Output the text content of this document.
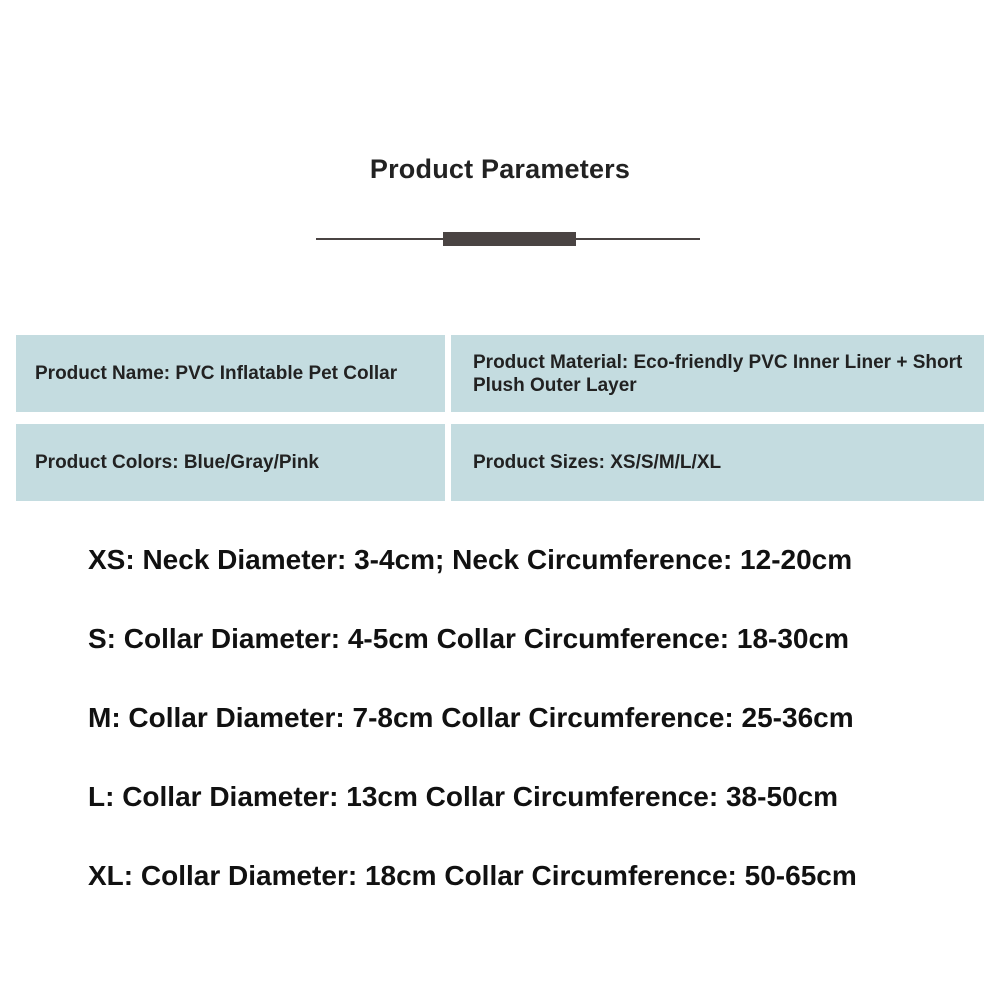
Product Parameters
Product Name: PVC Inflatable Pet Collar
Product Material: Eco-friendly PVC Inner Liner + Short Plush Outer Layer
Product Colors: Blue/Gray/Pink	Product Sizes: XS/S/M/L/XL
XS: Neck Diameter: 3-4cm; Neck Circumference: 12-20cm
S: Collar Diameter: 4-5cm Collar Circumference: 18-30cm
M: Collar Diameter: 7-8cm Collar Circumference: 25-36cm
L: Collar Diameter: 13cm Collar Circumference: 38-50cm
XL: Collar Diameter: 18cm Collar Circumference: 50-65cm
